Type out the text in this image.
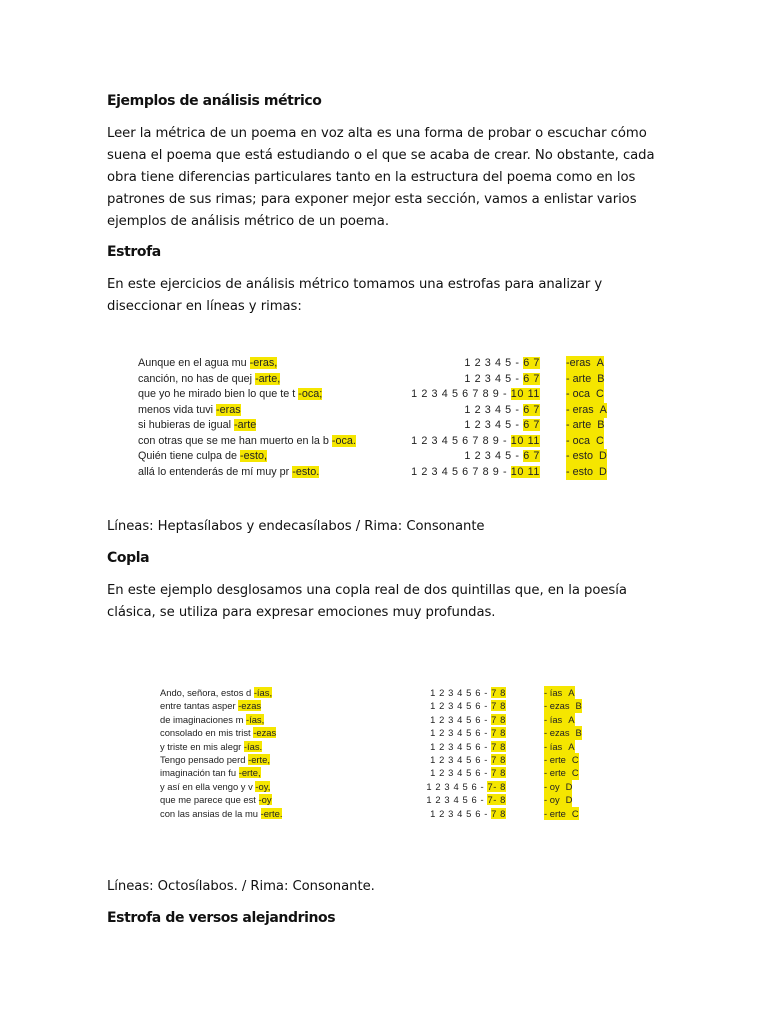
Ejemplos de análisis métrico
Leer la métrica de un poema en voz alta es una forma de probar o escuchar cómo suena el poema que está estudiando o el que se acaba de crear. No obstante, cada obra tiene diferencias particulares tanto en la estructura del poema como en los patrones de sus rimas; para exponer mejor esta sección, vamos a enlistar varios ejemplos de análisis métrico de un poema.
Estrofa
En este ejercicios de análisis métrico tomamos una estrofas para analizar y diseccionar en líneas y rimas:
Aunque en el agua mu -eras,	1 2 3 4 5 - 6 7 -eras A
canción, no has de quej -arte,	1 2 3 4 5 - 6 7 - arte B
que yo he mirado bien lo que te t -oca;	1 2 3 4 5 6 7 8 9 - 10 11 - oca C
menos vida tuvi -eras	1 2 3 4 5 - 6 7 - eras A
si hubieras de igual -arte	1 2 3 4 5 - 6 7 - arte B
con otras que se me han muerto en la b -oca.	1 2 3 4 5 6 7 8 9 - 10 11 - oca C
Quién tiene culpa de -esto,	1 2 3 4 5 - 6 7 - esto D
allá lo entenderás de mí muy pr -esto.	1 2 3 4 5 6 7 8 9 - 10 11 - esto D
Líneas: Heptasílabos y endecasílabos / Rima: Consonante
Copla
En este ejemplo desglosamos una copla real de dos quintillas que, en la poesía clásica, se utiliza para expresar emociones muy profundas.
Ando, señora, estos d -ías,	1 2 3 4 5 6 - 7 8	- ías A
entre tantas asper -ezas	1 2 3 4 5 6 - 7 8	- ezas B
de imaginaciones m -ías,	1 2 3 4 5 6 - 7 8	- ías A
consolado en mis trist -ezas	1 2 3 4 5 6 - 7 8	- ezas B
y triste en mis alegr -ías.	1 2 3 4 5 6 - 7 8	- ías A
Tengo pensado perd -erte,	1 2 3 4 5 6 - 7 8	- erte C
imaginación tan fu -erte,	1 2 3 4 5 6 - 7 8	- erte C
y así en ella vengo y v -oy,	1 2 3 4 5 6 - 7- 8	- oy D
que me parece que est -oy	1 2 3 4 5 6 - 7- 8	- oy D
con las ansias de la mu -erte.	1 2 3 4 5 6 - 7 8	- erte C
Líneas: Octosílabos. / Rima: Consonante.
Estrofa de versos alejandrinos
